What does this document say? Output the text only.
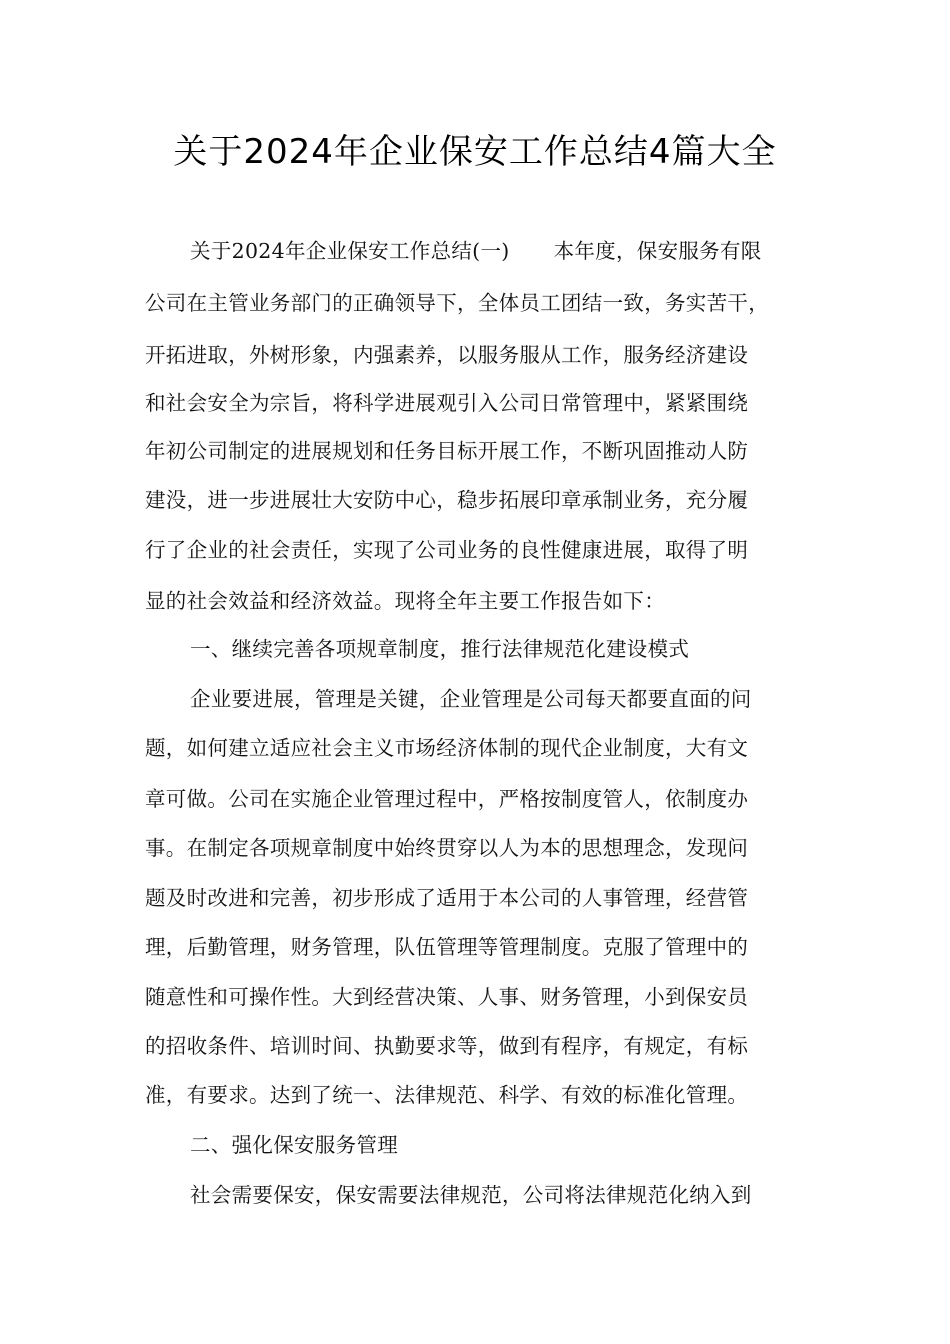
关于2024年企业保安工作总结4篇大全
关于2024年企业保安工作总结(一) 本年度，保安服务有限
公司在主管业务部门的正确领导下，全体员工团结一致，务实苦干，
开拓进取，外树形象，内强素养，以服务服从工作，服务经济建设
和社会安全为宗旨，将科学进展观引入公司日常管理中，紧紧围绕
年初公司制定的进展规划和任务目标开展工作，不断巩固推动人防
建没，进一步进展壮大安防中心，稳步拓展印章承制业务，充分履
行了企业的社会责任，实现了公司业务的良性健康进展，取得了明
显的社会效益和经济效益。现将全年主要工作报告如下：
一、继续完善各项规章制度，推行法律规范化建设模式
企业要进展，管理是关键，企业管理是公司每天都要直面的问
题，如何建立适应社会主义市场经济体制的现代企业制度，大有文
章可做。公司在实施企业管理过程中，严格按制度管人，依制度办
事。在制定各项规章制度中始终贯穿以人为本的思想理念，发现问
题及时改进和完善，初步形成了适用于本公司的人事管理，经营管
理，后勤管理，财务管理，队伍管理等管理制度。克服了管理中的
随意性和可操作性。大到经营决策、人事、财务管理，小到保安员
的招收条件、培训时间、执勤要求等，做到有程序，有规定，有标
准，有要求。达到了统一、法律规范、科学、有效的标准化管理。
二、强化保安服务管理
社会需要保安，保安需要法律规范，公司将法律规范化纳入到
